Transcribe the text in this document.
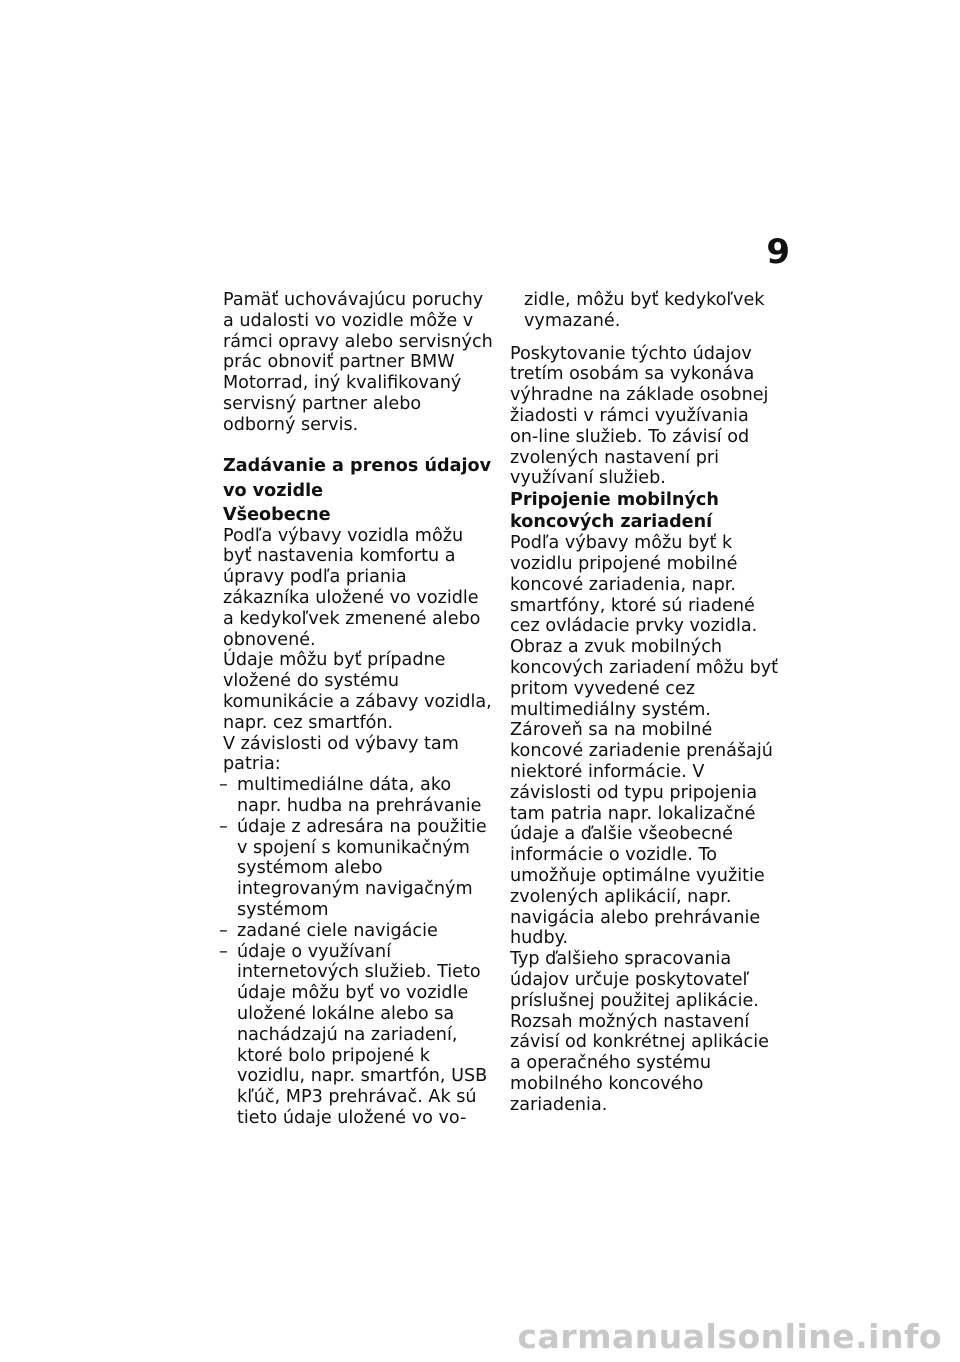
9

Pamäť uchovávajúcu poruchy a udalosti vo vozidle môže v rámci opravy alebo servisných prác obnoviť partner BMW Motorrad, iný kvalifikovaný servisný partner alebo odborný servis.

Zadávanie a prenos údajov vo vozidle
Všeobecne

Podľa výbavy vozidla môžu byť nastavenia komfortu a úpravy podľa priania zákazníka uložené vo vozidle a kedykoľvek zmenené alebo obnovené.

Údaje môžu byť prípadne vložené do systému komunikácie a zábavy vozidla, napr. cez smartfón.

V závislosti od výbavy tam patria:

– multimediálne dáta, ako napr. hudba na prehrávanie
– údaje z adresára na použitie v spojení s komunikačným systémom alebo integrovaným navigačným systémom
– zadané ciele navigácie
– údaje o využívaní internetových služieb. Tieto údaje môžu byť vo vozidle uložené lokálne alebo sa nachádzajú na zariadení, ktoré bolo pripojené k vozidlu, napr. smartfón, USB kľúč, MP3 prehrávač. Ak sú tieto údaje uložené vo vo-

zidle, môžu byť kedykoľvek vymazané.

Poskytovanie týchto údajov tretím osobám sa vykonáva výhradne na základe osobnej žiadosti v rámci využívania on-line služieb. To závisí od zvolených nastavení pri využívaní služieb.

Pripojenie mobilných koncových zariadení

Podľa výbavy môžu byť k vozidlu pripojené mobilné koncové zariadenia, napr. smartfóny, ktoré sú riadené cez ovládacie prvky vozidla.

Obraz a zvuk mobilných koncových zariadení môžu byť pritom vyvedené cez multimediálny systém. Zároveň sa na mobilné koncové zariadenie prenášajú niektoré informácie. V závislosti od typu pripojenia tam patria napr. lokalizačné údaje a ďalšie všeobecné informácie o vozidle. To umožňuje optimálne využitie zvolených aplikácií, napr. navigácia alebo prehrávanie hudby.

Typ ďalšieho spracovania údajov určuje poskytovateľ príslušnej použitej aplikácie. Rozsah možných nastavení závisí od konkrétnej aplikácie a operačného systému mobilného koncového zariadenia.

carmanualsonline.info
